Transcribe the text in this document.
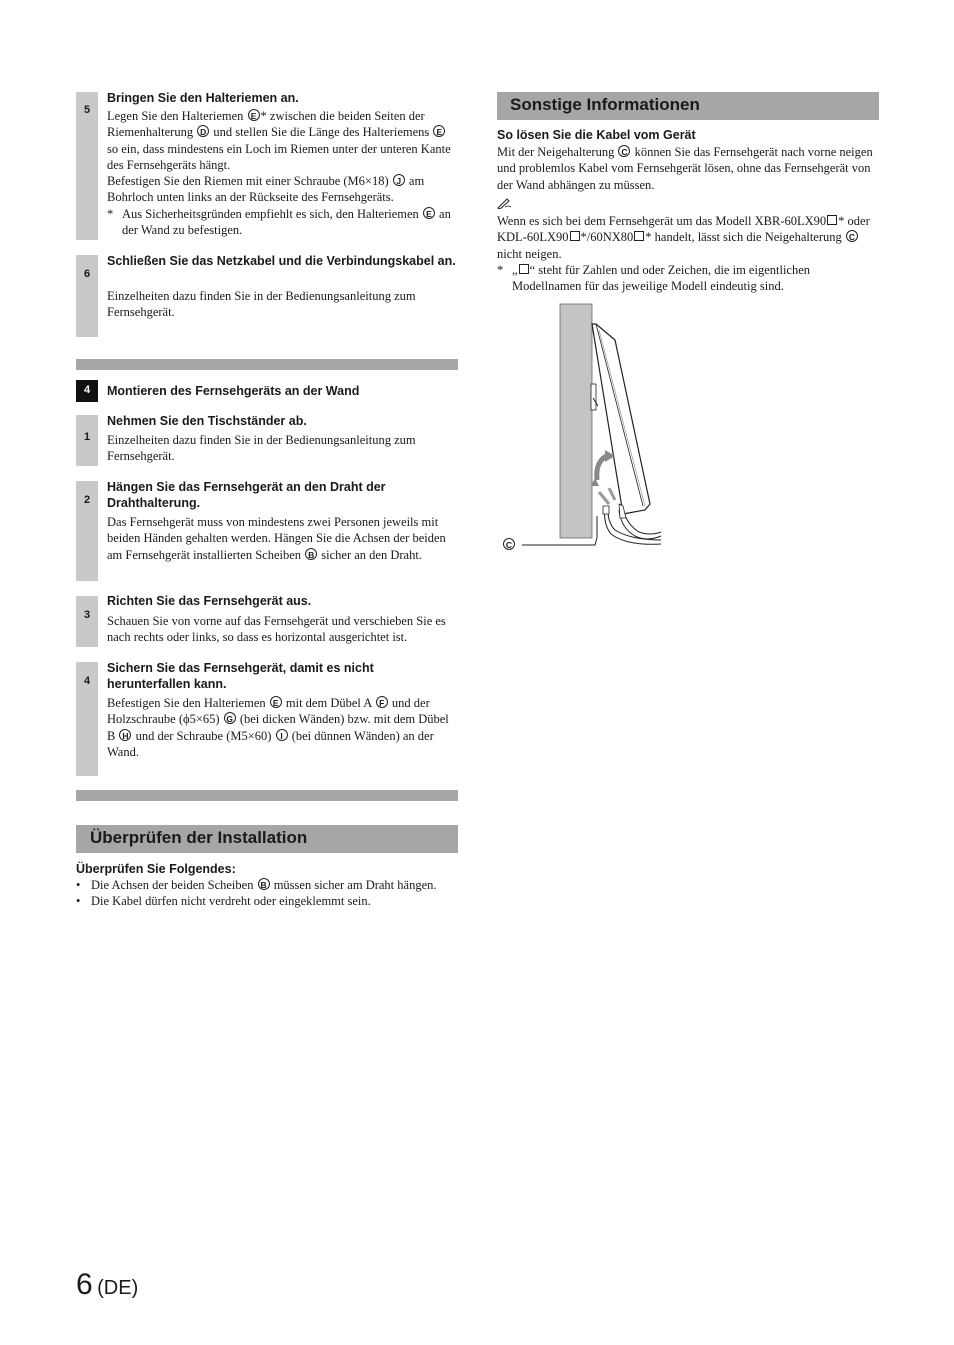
5
Bringen Sie den Halteriemen an.

Legen Sie den Halteriemen E * zwischen die beiden Seiten der Riemenhalterung D und stellen Sie die Länge des Halteriemens E so ein, dass mindestens ein Loch im Riemen unter der unteren Kante des Fernsehgeräts hängt.

Befestigen Sie den Riemen mit einer Schraube (M6×18) J am Bohrloch unten links an der Rückseite des Fernsehgeräts.

* Aus Sicherheitsgründen empfiehlt es sich, den Halteriemen E an der Wand zu befestigen.
6
Schließen Sie das Netzkabel und die Verbindungskabel an.
Einzelheiten dazu finden Sie in der Bedienungsanleitung zum Fernsehgerät.
4	Montieren des Fernsehgeräts an der Wand
1
Nehmen Sie den Tischständer ab.
Einzelheiten dazu finden Sie in der Bedienungsanleitung zum Fernsehgerät.
2
Hängen Sie das Fernsehgerät an den Draht der Drahthalterung.

Das Fernsehgerät muss von mindestens zwei Personen jeweils mit beiden Händen gehalten werden. Hängen Sie die Achsen der beiden am Fernsehgerät installierten Scheiben B sicher an den Draht.

3
Richten Sie das Fernsehgerät aus.
Schauen Sie von vorne auf das Fernsehgerät und verschieben Sie es nach rechts oder links, so dass es horizontal ausgerichtet ist.
4
Sichern Sie das Fernsehgerät, damit es nicht herunterfallen kann.

Befestigen Sie den Halteriemen E mit dem Dübel A F und der Holzschraube (ϕ5×65) G (bei dicken Wänden) bzw. mit dem Dübel B H und der Schraube (M5×60) I (bei dünnen Wänden) an der Wand.

Überprüfen der Installation
Überprüfen Sie Folgendes:
• Die Achsen der beiden Scheiben B müssen sicher am Draht hängen.
• Die Kabel dürfen nicht verdreht oder eingeklemmt sein.
Sonstige Informationen
So lösen Sie die Kabel vom Gerät

Mit der Neigehalterung C können Sie das Fernsehgerät nach vorne neigen und problemlos Kabel vom Fernsehgerät lösen, ohne das Fernsehgerät von der Wand abhängen zu müssen.

Wenn es sich bei dem Fernsehgerät um das Modell XBR-60LX90 * oder KDL-60LX90 */60NX80 * handelt, lässt sich die Neigehalterung C nicht neigen.

* „ “ steht für Zahlen und oder Zeichen, die im eigentlichen Modellnamen für das jeweilige Modell eindeutig sind.
C
6 (DE)
